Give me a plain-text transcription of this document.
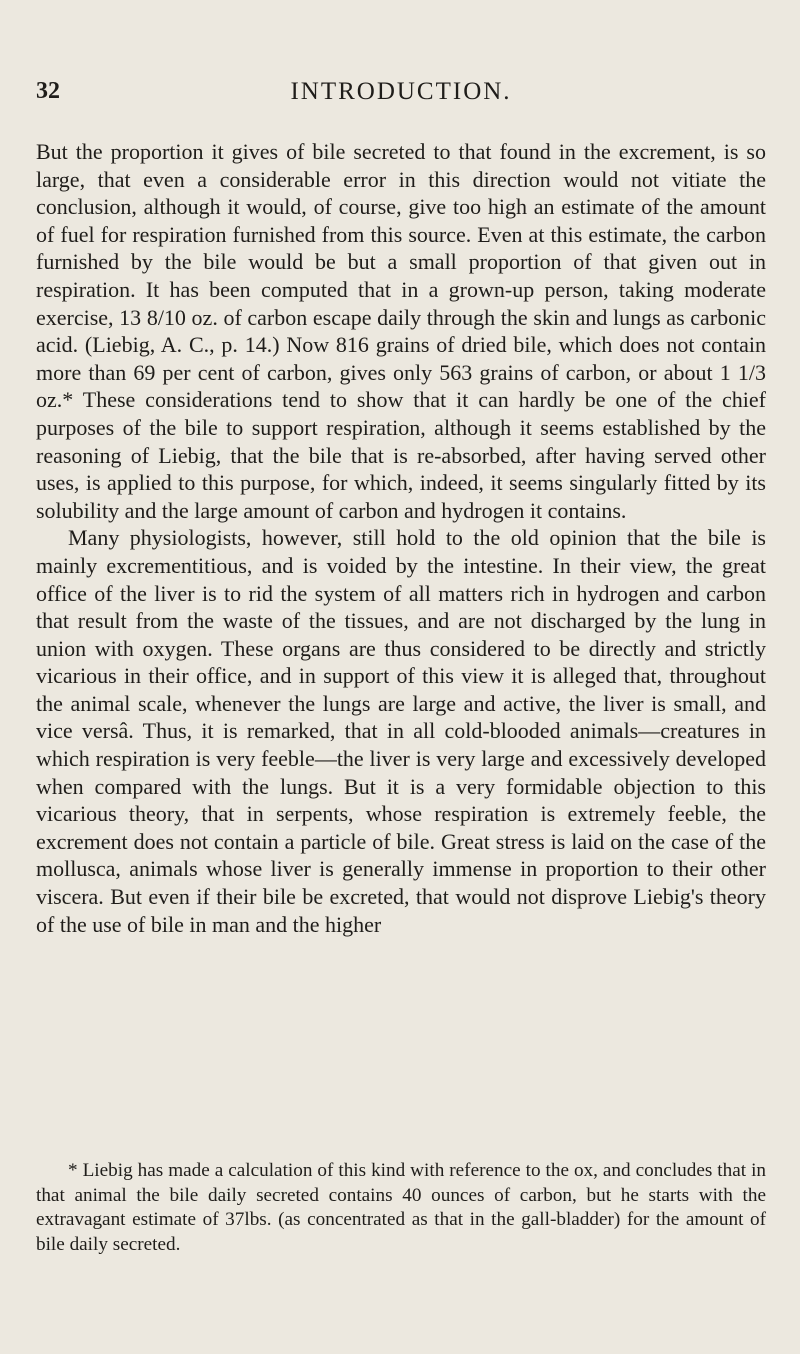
32	INTRODUCTION.

But the proportion it gives of bile secreted to that found in the excrement, is so large, that even a considerable error in this direction would not vitiate the conclusion, although it would, of course, give too high an estimate of the amount of fuel for respiration furnished from this source. Even at this estimate, the carbon furnished by the bile would be but a small proportion of that given out in respiration. It has been computed that in a grown-up person, taking moderate exercise, 13 8/10 oz. of carbon escape daily through the skin and lungs as carbonic acid. (Liebig, A. C., p. 14.) Now 816 grains of dried bile, which does not contain more than 69 per cent of carbon, gives only 563 grains of carbon, or about 1 1/3 oz.* These considerations tend to show that it can hardly be one of the chief purposes of the bile to support respiration, although it seems established by the reasoning of Liebig, that the bile that is re-absorbed, after having served other uses, is applied to this purpose, for which, indeed, it seems singularly fitted by its solubility and the large amount of carbon and hydrogen it contains.

Many physiologists, however, still hold to the old opinion that the bile is mainly excrementitious, and is voided by the intestine. In their view, the great office of the liver is to rid the system of all matters rich in hydrogen and carbon that result from the waste of the tissues, and are not discharged by the lung in union with oxygen. These organs are thus considered to be directly and strictly vicarious in their office, and in support of this view it is alleged that, throughout the animal scale, whenever the lungs are large and active, the liver is small, and vice versâ. Thus, it is remarked, that in all cold-blooded animals—creatures in which respiration is very feeble—the liver is very large and excessively developed when compared with the lungs. But it is a very formidable objection to this vicarious theory, that in serpents, whose respiration is extremely feeble, the excrement does not contain a particle of bile. Great stress is laid on the case of the mollusca, animals whose liver is generally immense in proportion to their other viscera. But even if their bile be excreted, that would not disprove Liebig's theory of the use of bile in man and the higher

* Liebig has made a calculation of this kind with reference to the ox, and concludes that in that animal the bile daily secreted contains 40 ounces of carbon, but he starts with the extravagant estimate of 37lbs. (as concentrated as that in the gall-bladder) for the amount of bile daily secreted.
